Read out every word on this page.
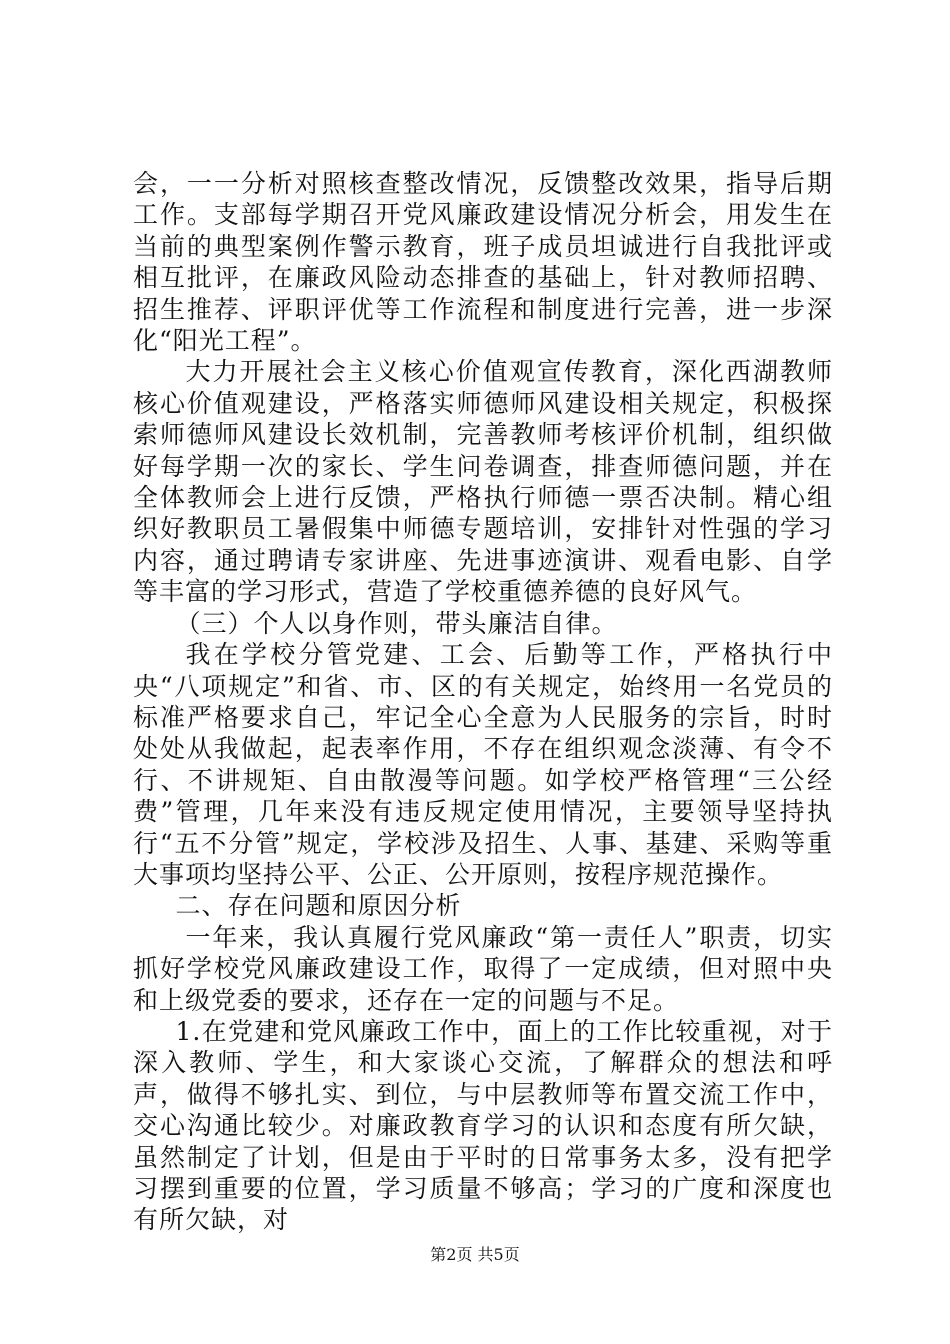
会，一一分析对照核查整改情况，反馈整改效果，指导后期工作。支部每学期召开党风廉政建设情况分析会，用发生在当前的典型案例作警示教育，班子成员坦诚进行自我批评或相互批评，在廉政风险动态排查的基础上，针对教师招聘、招生推荐、评职评优等工作流程和制度进行完善，进一步深化“阳光工程”。

大力开展社会主义核心价值观宣传教育，深化西湖教师核心价值观建设，严格落实师德师风建设相关规定，积极探索师德师风建设长效机制，完善教师考核评价机制，组织做好每学期一次的家长、学生问卷调查，排查师德问题，并在全体教师会上进行反馈，严格执行师德一票否决制。精心组织好教职员工暑假集中师德专题培训，安排针对性强的学习内容，通过聘请专家讲座、先进事迹演讲、观看电影、自学等丰富的学习形式，营造了学校重德养德的良好风气。

（三）个人以身作则，带头廉洁自律。

我在学校分管党建、工会、后勤等工作，严格执行中央“八项规定”和省、市、区的有关规定，始终用一名党员的标准严格要求自己，牢记全心全意为人民服务的宗旨，时时处处从我做起，起表率作用，不存在组织观念淡薄、有令不行、不讲规矩、自由散漫等问题。如学校严格管理“三公经费”管理，几年来没有违反规定使用情况，主要领导坚持执行“五不分管”规定，学校涉及招生、人事、基建、采购等重大事项均坚持公平、公正、公开原则，按程序规范操作。

二、存在问题和原因分析

一年来，我认真履行党风廉政“第一责任人”职责，切实抓好学校党风廉政建设工作，取得了一定成绩，但对照中央和上级党委的要求，还存在一定的问题与不足。

1.在党建和党风廉政工作中，面上的工作比较重视，对于深入教师、学生，和大家谈心交流，了解群众的想法和呼声，做得不够扎实、到位，与中层教师等布置交流工作中，交心沟通比较少。对廉政教育学习的认识和态度有所欠缺，虽然制定了计划，但是由于平时的日常事务太多，没有把学习摆到重要的位置，学习质量不够高；学习的广度和深度也有所欠缺，对

第2页 共5页
